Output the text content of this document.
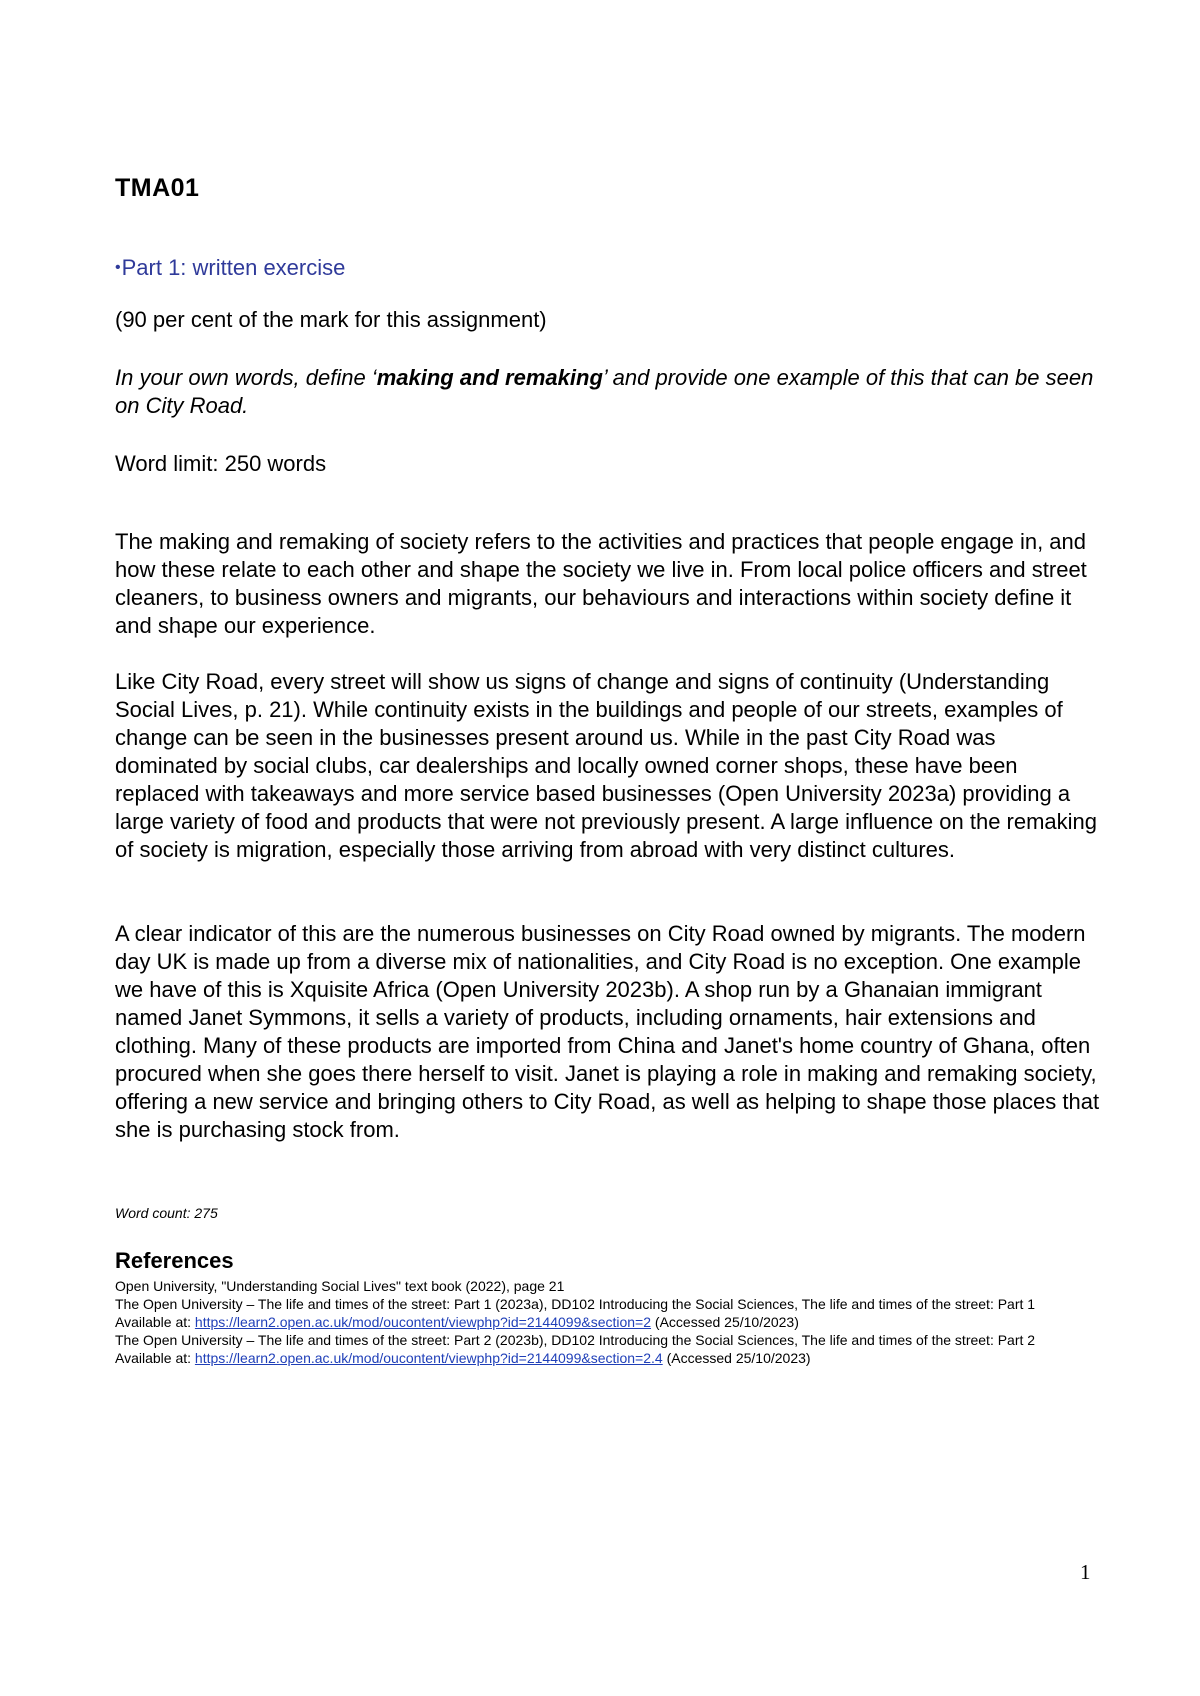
TMA01

•Part 1: written exercise

(90 per cent of the mark for this assignment)

In your own words, define ‘making and remaking’ and provide one example of this that can be seen on City Road.

Word limit: 250 words

The making and remaking of society refers to the activities and practices that people engage in, and how these relate to each other and shape the society we live in. From local police officers and street cleaners, to business owners and migrants, our behaviours and interactions within society define it and shape our experience.

Like City Road, every street will show us signs of change and signs of continuity (Understanding Social Lives, p. 21). While continuity exists in the buildings and people of our streets, examples of change can be seen in the businesses present around us. While in the past City Road was dominated by social clubs, car dealerships and locally owned corner shops, these have been replaced with takeaways and more service based businesses (Open University 2023a) providing a large variety of food and products that were not previously present. A large influence on the remaking of society is migration, especially those arriving from abroad with very distinct cultures.

A clear indicator of this are the numerous businesses on City Road owned by migrants. The modern day UK is made up from a diverse mix of nationalities, and City Road is no exception. One example we have of this is Xquisite Africa (Open University 2023b). A shop run by a Ghanaian immigrant named Janet Symmons, it sells a variety of products, including ornaments, hair extensions and clothing. Many of these products are imported from China and Janet's home country of Ghana, often procured when she goes there herself to visit. Janet is playing a role in making and remaking society, offering a new service and bringing others to City Road, as well as helping to shape those places that she is purchasing stock from.

Word count: 275

References

Open University, "Understanding Social Lives" text book (2022), page 21

The Open University – The life and times of the street: Part 1 (2023a), DD102 Introducing the Social Sciences, The life and times of the street: Part 1

Available at: https://learn2.open.ac.uk/mod/oucontent/viewphp?id=2144099&section=2 (Accessed 25/10/2023)

The Open University – The life and times of the street: Part 2 (2023b), DD102 Introducing the Social Sciences, The life and times of the street: Part 2

Available at: https://learn2.open.ac.uk/mod/oucontent/viewphp?id=2144099&section=2.4 (Accessed 25/10/2023)

1
